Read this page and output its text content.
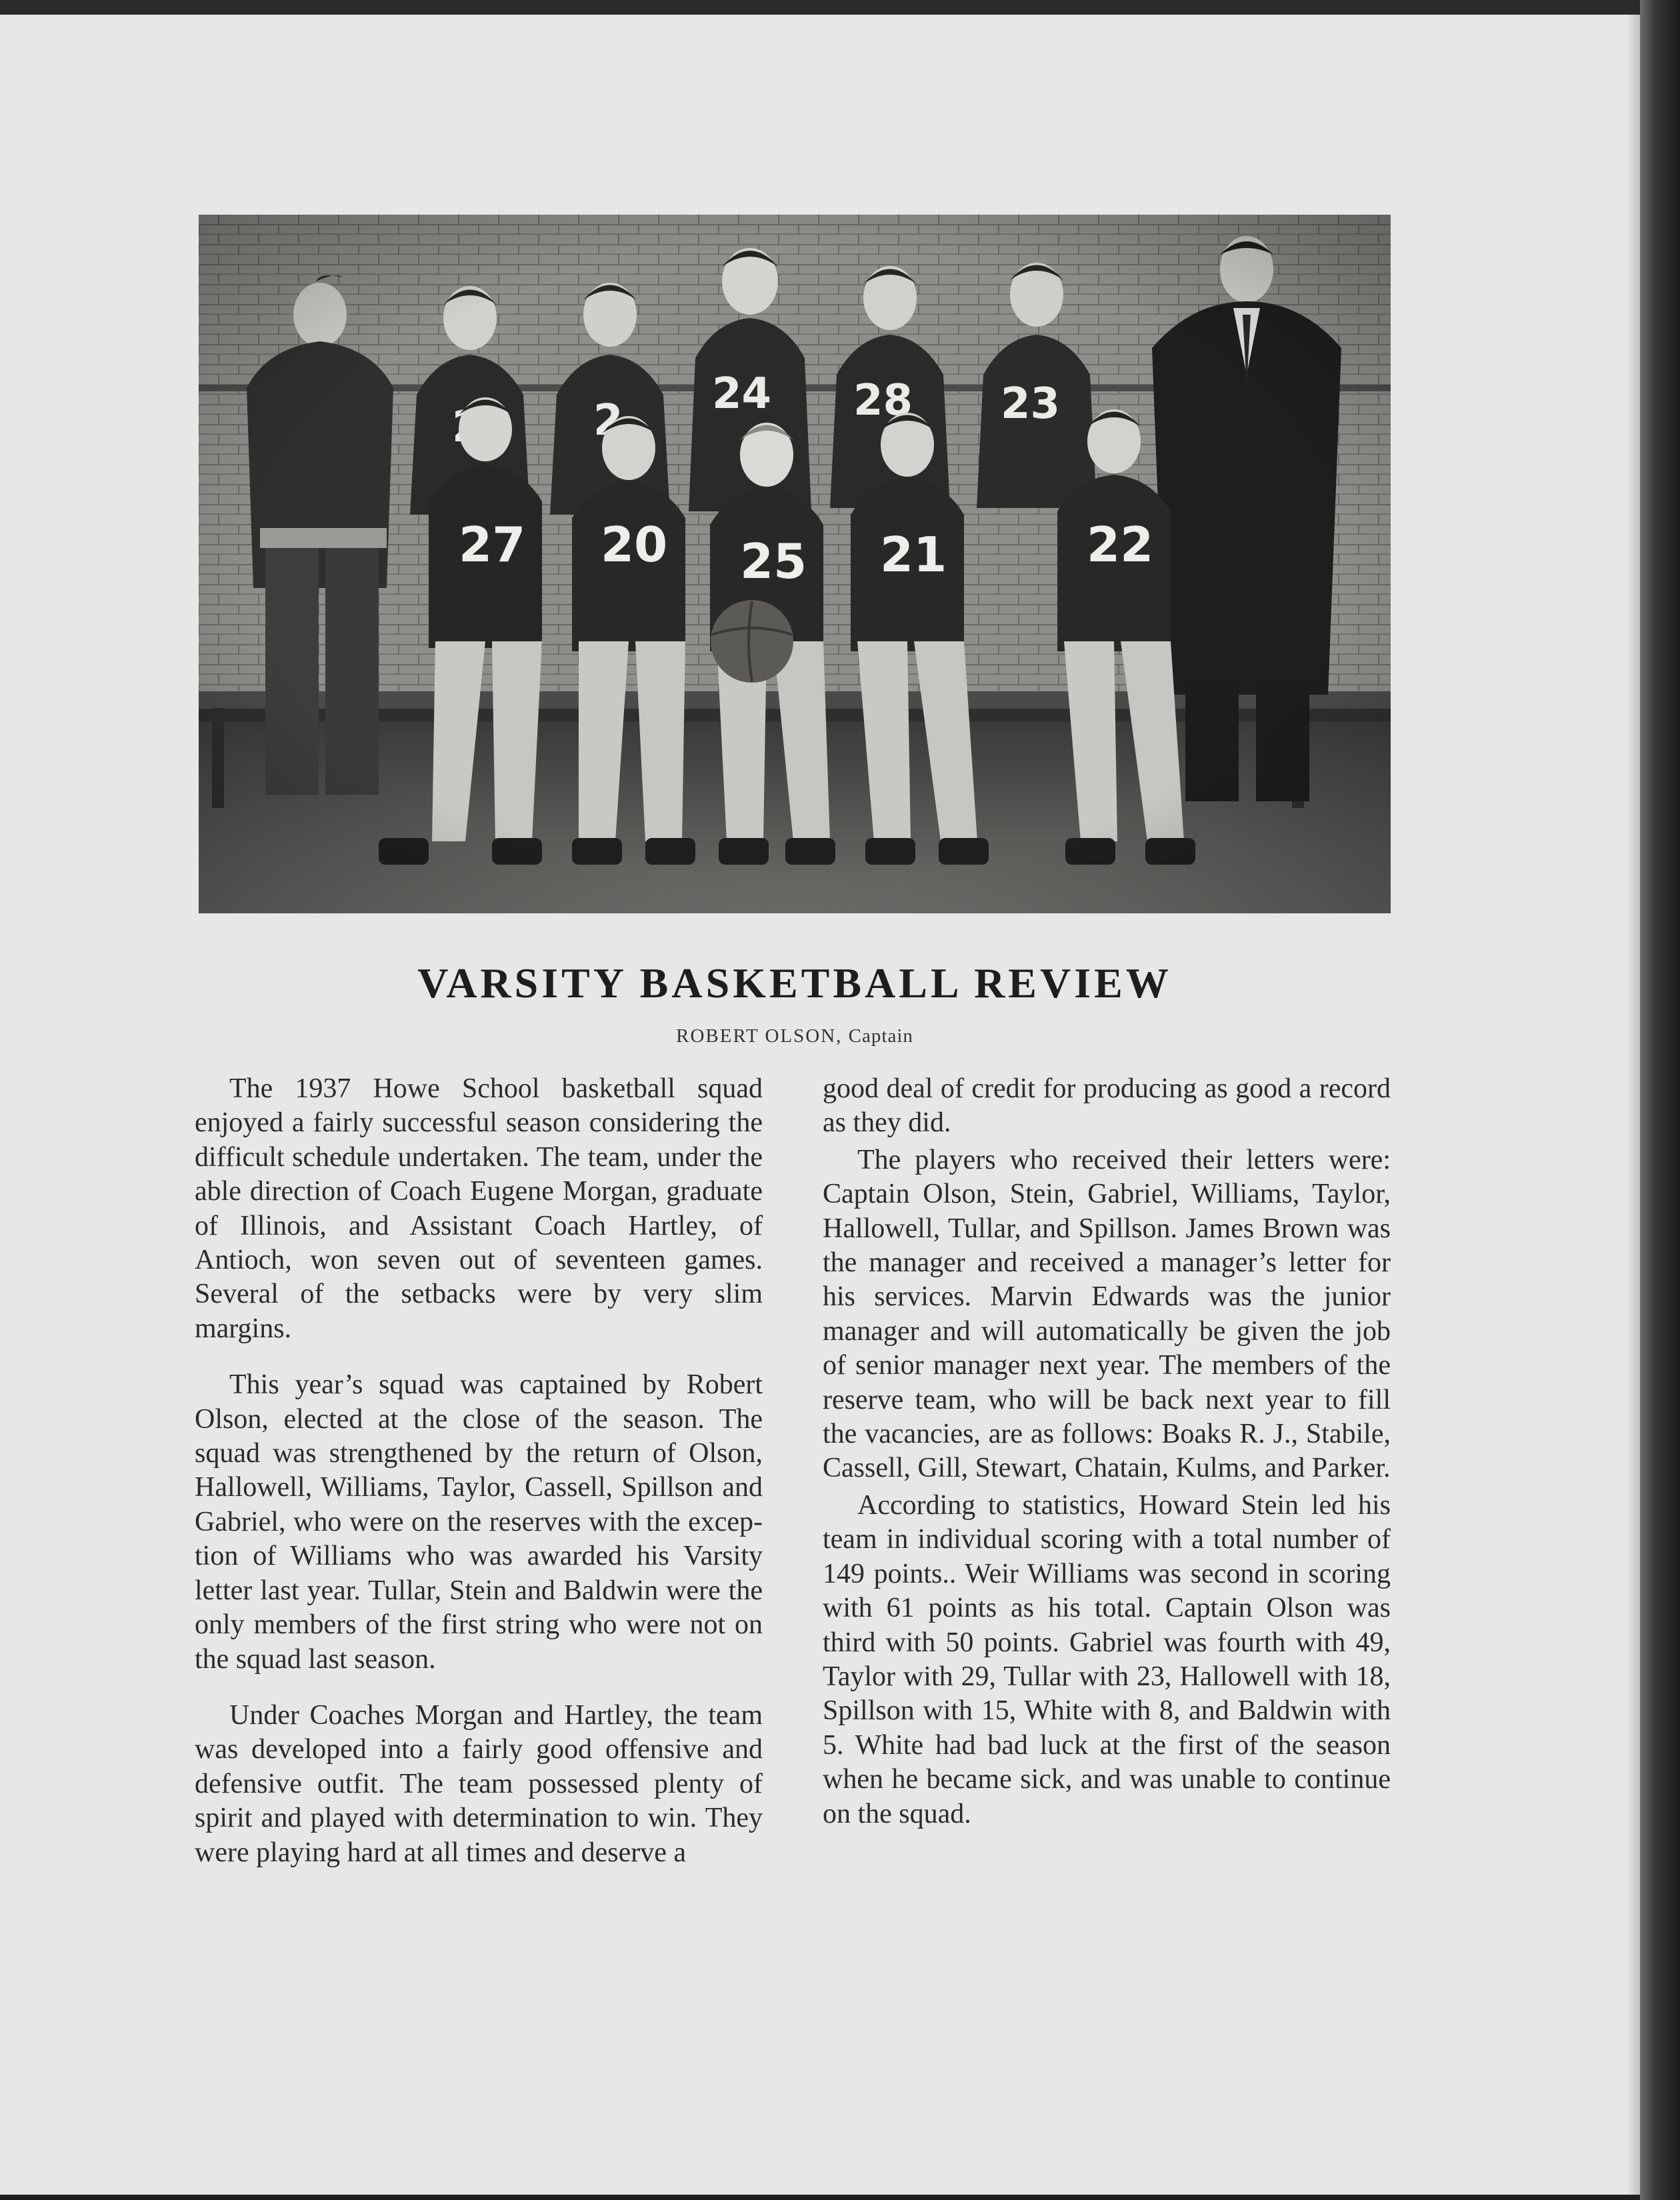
VARSITY BASKETBALL REVIEW
ROBERT OLSON, Captain

The 1937 Howe School basketball squad enjoyed a fairly successful season considering the difficult schedule undertaken. The team, under the able direction of Coach Eugene Morgan, graduate of Illinois, and Assistant Coach Hartley, of Antioch, won seven out of seventeen games. Several of the setbacks were by very slim margins.

This year’s squad was captained by Robert Olson, elected at the close of the season. The squad was strengthened by the return of Olson, Hallowell, Williams, Taylor, Cassell, Spillson and Gabriel, who were on the reserves with the exception of Williams who was awarded his Varsity letter last year. Tullar, Stein and Baldwin were the only members of the first string who were not on the squad last season.

Under Coaches Morgan and Hartley, the team was developed into a fairly good offensive and defensive outfit. The team possessed plenty of spirit and played with determination to win. They were playing hard at all times and deserve a

good deal of credit for producing as good a record as they did.

The players who received their letters were: Captain Olson, Stein, Gabriel, Williams, Taylor, Hallowell, Tullar, and Spillson. James Brown was the manager and received a manager’s letter for his services. Marvin Edwards was the junior manager and will automatically be given the job of senior manager next year. The members of the reserve team, who will be back next year to fill the vacancies, are as follows: Boaks R. J., Stabile, Cassell, Gill, Stewart, Chatain, Kulms, and Parker.

According to statistics, Howard Stein led his team in individual scoring with a total number of 149 points.. Weir Williams was second in scoring with 61 points as his total. Captain Olson was third with 50 points. Gabriel was fourth with 49, Taylor with 29, Tullar with 23, Hallowell with 18, Spillson with 15, White with 8, and Baldwin with 5. White had bad luck at the first of the season when he became sick, and was unable to continue on the squad.
